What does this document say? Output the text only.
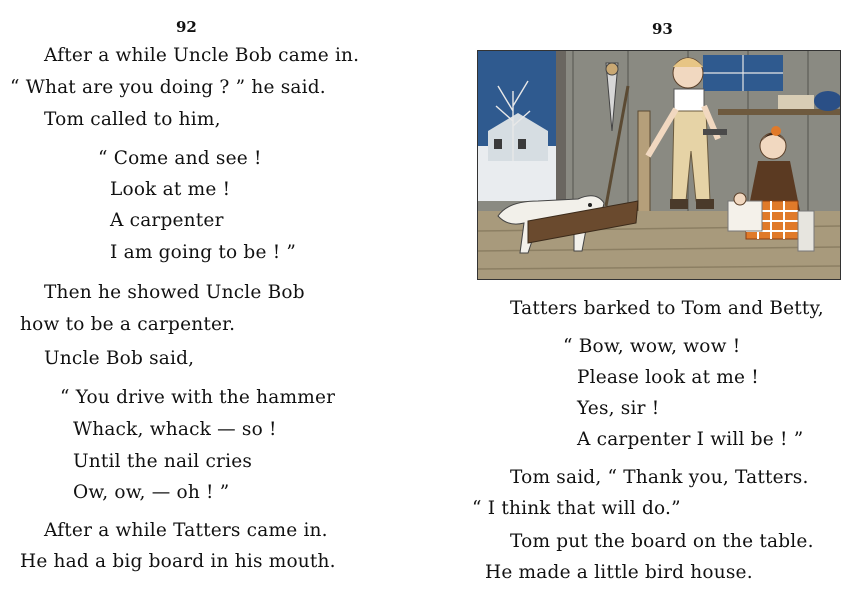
92
After a while Uncle Bob came in.
“ What are you doing ? ” he said.
Tom called to him,
“ Come and see !
Look at me !
A carpenter
I am going to be ! ”
Then he showed Uncle Bob
how to be a carpenter.
Uncle Bob said,
“ You drive with the hammer
Whack, whack — so !
Until the nail cries
Ow, ow, — oh ! ”
After a while Tatters came in.
He had a big board in his mouth.
93
Tatters barked to Tom and Betty,
“ Bow, wow, wow !
Please look at me !
Yes, sir !
A carpenter I will be ! ”
Tom said, “ Thank you, Tatters.
“ I think that will do.”
Tom put the board on the table.
He made a little bird house.
